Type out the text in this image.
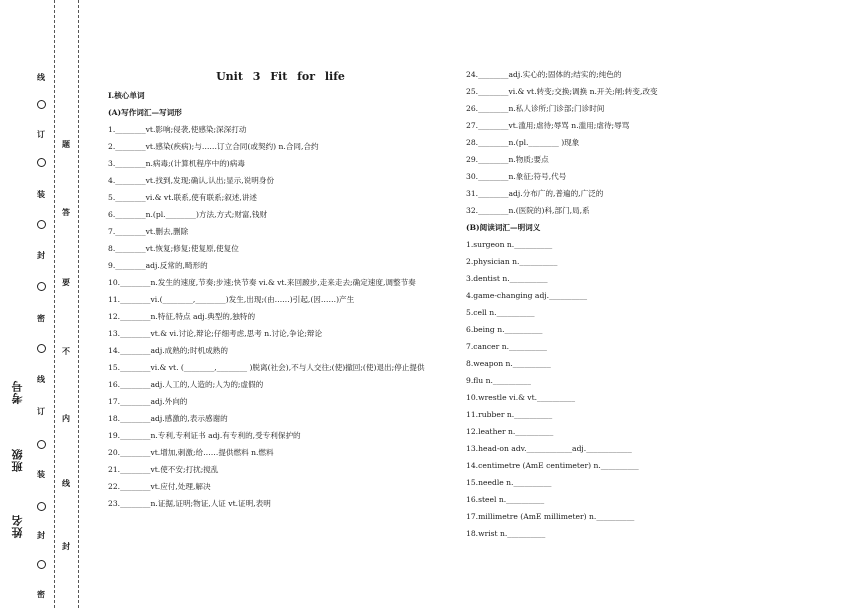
线
订
装
封
密
线
订
装
封
密
题
答
要
不
内
线
封
考号
班级
姓名
Unit 3 Fit for life
Ⅰ.核心单词
(A)写作词汇—写词形
1.________vt.影响;侵袭,使感染;深深打动
2.________vt.感染(疾病);与……订立合同(或契约) n.合同,合约
3.________n.病毒;(计算机程序中的)病毒
4.________vt.找到,发现;确认,认出;显示,说明身份
5.________vi.& vt.联系,使有联系;叙述,讲述
6.________n.(pl.________)方法,方式;财富,钱财
7.________vt.删去,删除
8.________vt.恢复;修复;使复原,使复位
9.________adj.反常的,畸形的
10.________n.发生的速度,节奏;步速;快节奏 vi.& vt.来回踱步,走来走去;确定速度,调整节奏
11.________vi.(________,________)发生,出现;(由……)引起,(因……)产生
12.________n.特征,特点 adj.典型的,独特的
13.________vt.& vi.讨论,辩论;仔细考虑,思考 n.讨论,争论;辩论
14.________adj.成熟的;时机成熟的
15.________vi.& vt. (________,________ )脱离(社会),不与人交往;(使)撤回;(使)退出;停止提供
16.________adj.人工的,人造的;人为的;虚假的
17.________adj.外向的
18.________adj.感激的,表示感谢的
19.________n.专利,专利证书 adj.有专利的,受专利保护的
20.________vt.增加,刺激;给……提供燃料 n.燃料
21.________vt.使不安;打扰;搅乱
22.________vt.应付,处理,解决
23.________n.证据,证明;物证,人证 vt.证明,表明
24.________adj.实心的;固体的;结实的;纯色的
25.________vi.& vt.转变;交换;调换 n.开关;闸;转变,改变
26.________n.私人诊所;门诊部;门诊时间
27.________vt.滥用;虐待;辱骂 n.滥用;虐待;辱骂
28.________n.(pl.________ )现象
29.________n.物质;要点
30.________n.象征;符号,代号
31.________adj.分布广的,普遍的,广泛的
32.________n.(医院的)科,部门,局,系
(B)阅读词汇—明词义
1.surgeon n.__________
2.physician n.__________
3.dentist n.__________
4.game-changing adj.__________
5.cell n.__________
6.being n.__________
7.cancer n.__________
8.weapon n.__________
9.flu n.__________
10.wrestle vi.& vt.__________
11.rubber n.__________
12.leather n.__________
13.head-on adv.____________adj.____________
14.centimetre (AmE centimeter) n.__________
15.needle n.__________
16.steel n.__________
17.millimetre (AmE millimeter) n.__________
18.wrist n.__________
